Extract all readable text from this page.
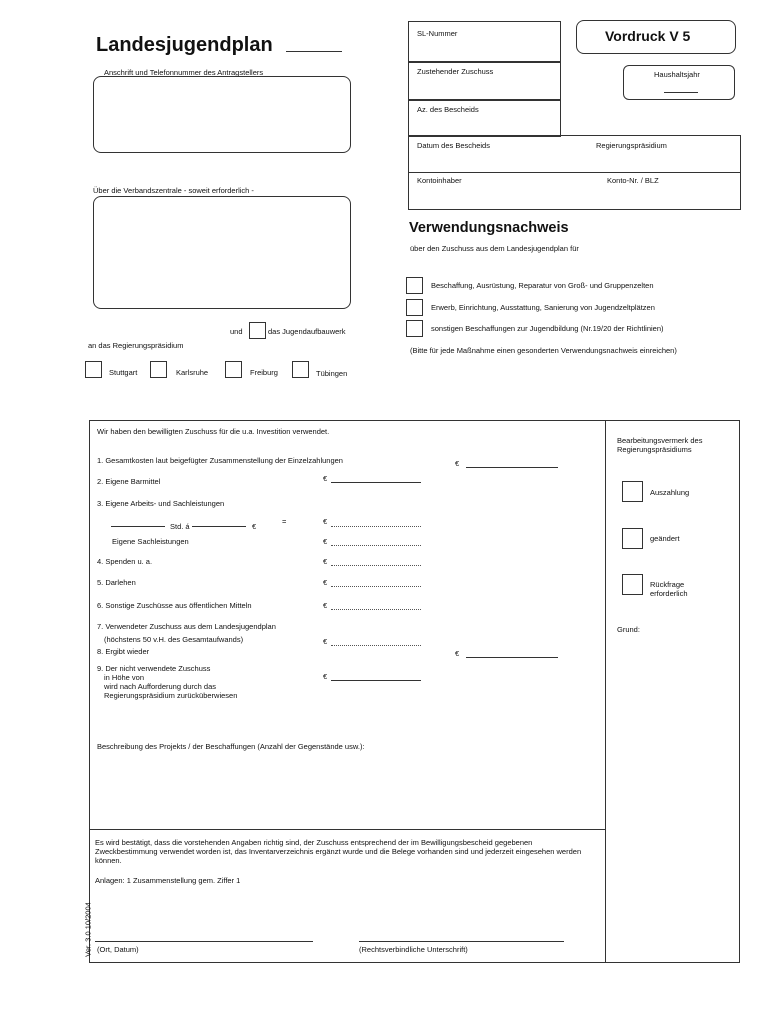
Landesjugendplan	Vordruck V 5
SL-Nummer
Zustehender Zuschuss
Az. des Bescheids
Haushaltsjahr
Datum des Bescheids	Regierungspräsidium
Kontoinhaber	Konto-Nr. / BLZ
Anschrift und Telefonnummer des Antragstellers
Über die Verbandszentrale - soweit erforderlich -
und	das Jugendaufbauwerk
an das Regierungspräsidium
Stuttgart	Karlsruhe	Freiburg	Tübingen
Verwendungsnachweis
über den Zuschuss aus dem Landesjugendplan für
Beschaffung, Ausrüstung, Reparatur von Groß- und Gruppenzelten
Erwerb, Einrichtung, Ausstattung, Sanierung von Jugendzeltplätzen
sonstigen Beschaffungen zur Jugendbildung (Nr.19/20 der Richtlinien)
(Bitte für jede Maßnahme einen gesonderten Verwendungsnachweis einreichen)
Wir haben den bewilligten Zuschuss für die u.a. Investition verwendet.
1. Gesamtkosten laut beigefügter Zusammenstellung der Einzelzahlungen	€
2. Eigene Barmittel	€
3. Eigene Arbeits- und Sachleistungen
Std. á	€
=	€
Eigene Sachleistungen	€
4. Spenden u. a.	€
5. Darlehen	€
6. Sonstige Zuschüsse aus öffentlichen Mitteln	€
7. Verwendeter Zuschuss aus dem Landesjugendplan
(höchstens 50 v.H. des Gesamtaufwands)	€
8. Ergibt wieder	€
9. Der nicht verwendete Zuschuss
in Höhe von
wird nach Aufforderung durch das
Regierungspräsidium zurücküberwiesen
€
Beschreibung des Projekts / der Beschaffungen (Anzahl der Gegenstände usw.):
Es wird bestätigt, dass die vorstehenden Angaben richtig sind, der Zuschuss entsprechend der im Bewilligungsbescheid gegebenen Zweckbestimmung verwendet worden ist, das Inventarverzeichnis ergänzt wurde und die Belege vorhanden sind und jederzeit eingesehen werden können.
Anlagen: 1 Zusammenstellung gem. Ziffer 1
(Ort, Datum)	(Rechtsverbindliche Unterschrift)
Ver. 3.0 10/2004
Bearbeitungsvermerk des Regierungspräsidiums
Auszahlung
geändert
Rückfrage erforderlich
Grund:
